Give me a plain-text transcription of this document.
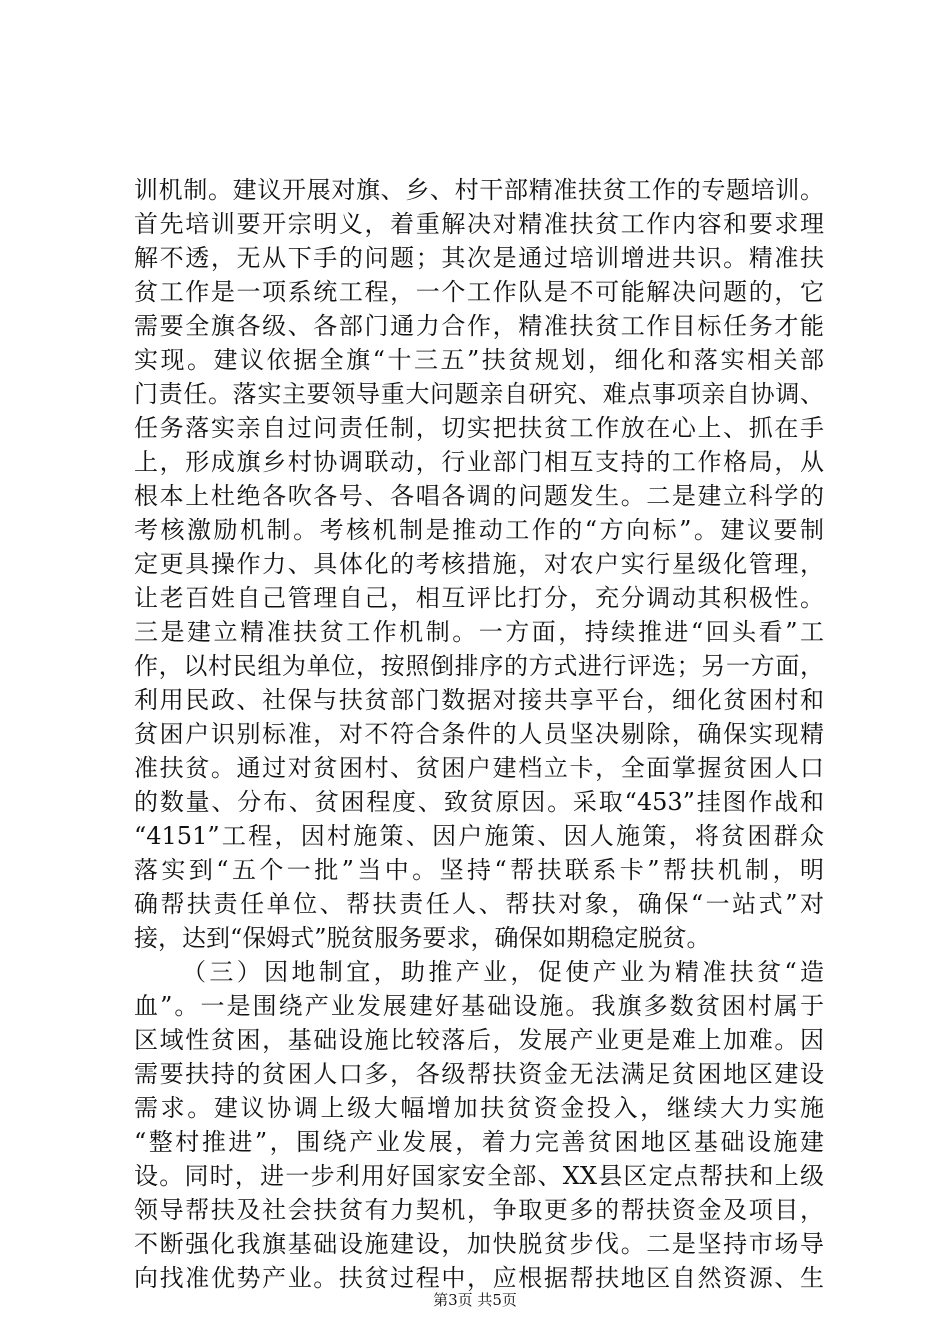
训机制。建议开展对旗、乡、村干部精准扶贫工作的专题培训。
首先培训要开宗明义，着重解决对精准扶贫工作内容和要求理
解不透，无从下手的问题；其次是通过培训增进共识。精准扶
贫工作是一项系统工程，一个工作队是不可能解决问题的，它
需要全旗各级、各部门通力合作，精准扶贫工作目标任务才能
实现。建议依据全旗“十三五”扶贫规划，细化和落实相关部
门责任。落实主要领导重大问题亲自研究、难点事项亲自协调、
任务落实亲自过问责任制，切实把扶贫工作放在心上、抓在手
上，形成旗乡村协调联动，行业部门相互支持的工作格局，从
根本上杜绝各吹各号、各唱各调的问题发生。二是建立科学的
考核激励机制。考核机制是推动工作的“方向标”。建议要制
定更具操作力、具体化的考核措施，对农户实行星级化管理，
让老百姓自己管理自己，相互评比打分，充分调动其积极性。
三是建立精准扶贫工作机制。一方面，持续推进“回头看”工
作，以村民组为单位，按照倒排序的方式进行评选；另一方面，
利用民政、社保与扶贫部门数据对接共享平台，细化贫困村和
贫困户识别标准，对不符合条件的人员坚决剔除，确保实现精
准扶贫。通过对贫困村、贫困户建档立卡，全面掌握贫困人口
的数量、分布、贫困程度、致贫原因。采取“453”挂图作战和
“4151”工程，因村施策、因户施策、因人施策，将贫困群众
落实到“五个一批”当中。坚持“帮扶联系卡”帮扶机制，明
确帮扶责任单位、帮扶责任人、帮扶对象，确保“一站式”对
接，达到“保姆式”脱贫服务要求，确保如期稳定脱贫。
（三）因地制宜，助推产业，促使产业为精准扶贫“造
血”。一是围绕产业发展建好基础设施。我旗多数贫困村属于
区域性贫困，基础设施比较落后，发展产业更是难上加难。因
需要扶持的贫困人口多，各级帮扶资金无法满足贫困地区建设
需求。建议协调上级大幅增加扶贫资金投入，继续大力实施
“整村推进”，围绕产业发展，着力完善贫困地区基础设施建
设。同时，进一步利用好国家安全部、XX县区定点帮扶和上级
领导帮扶及社会扶贫有力契机，争取更多的帮扶资金及项目，
不断强化我旗基础设施建设，加快脱贫步伐。二是坚持市场导
向找准优势产业。扶贫过程中，应根据帮扶地区自然资源、生
第3页 共5页
